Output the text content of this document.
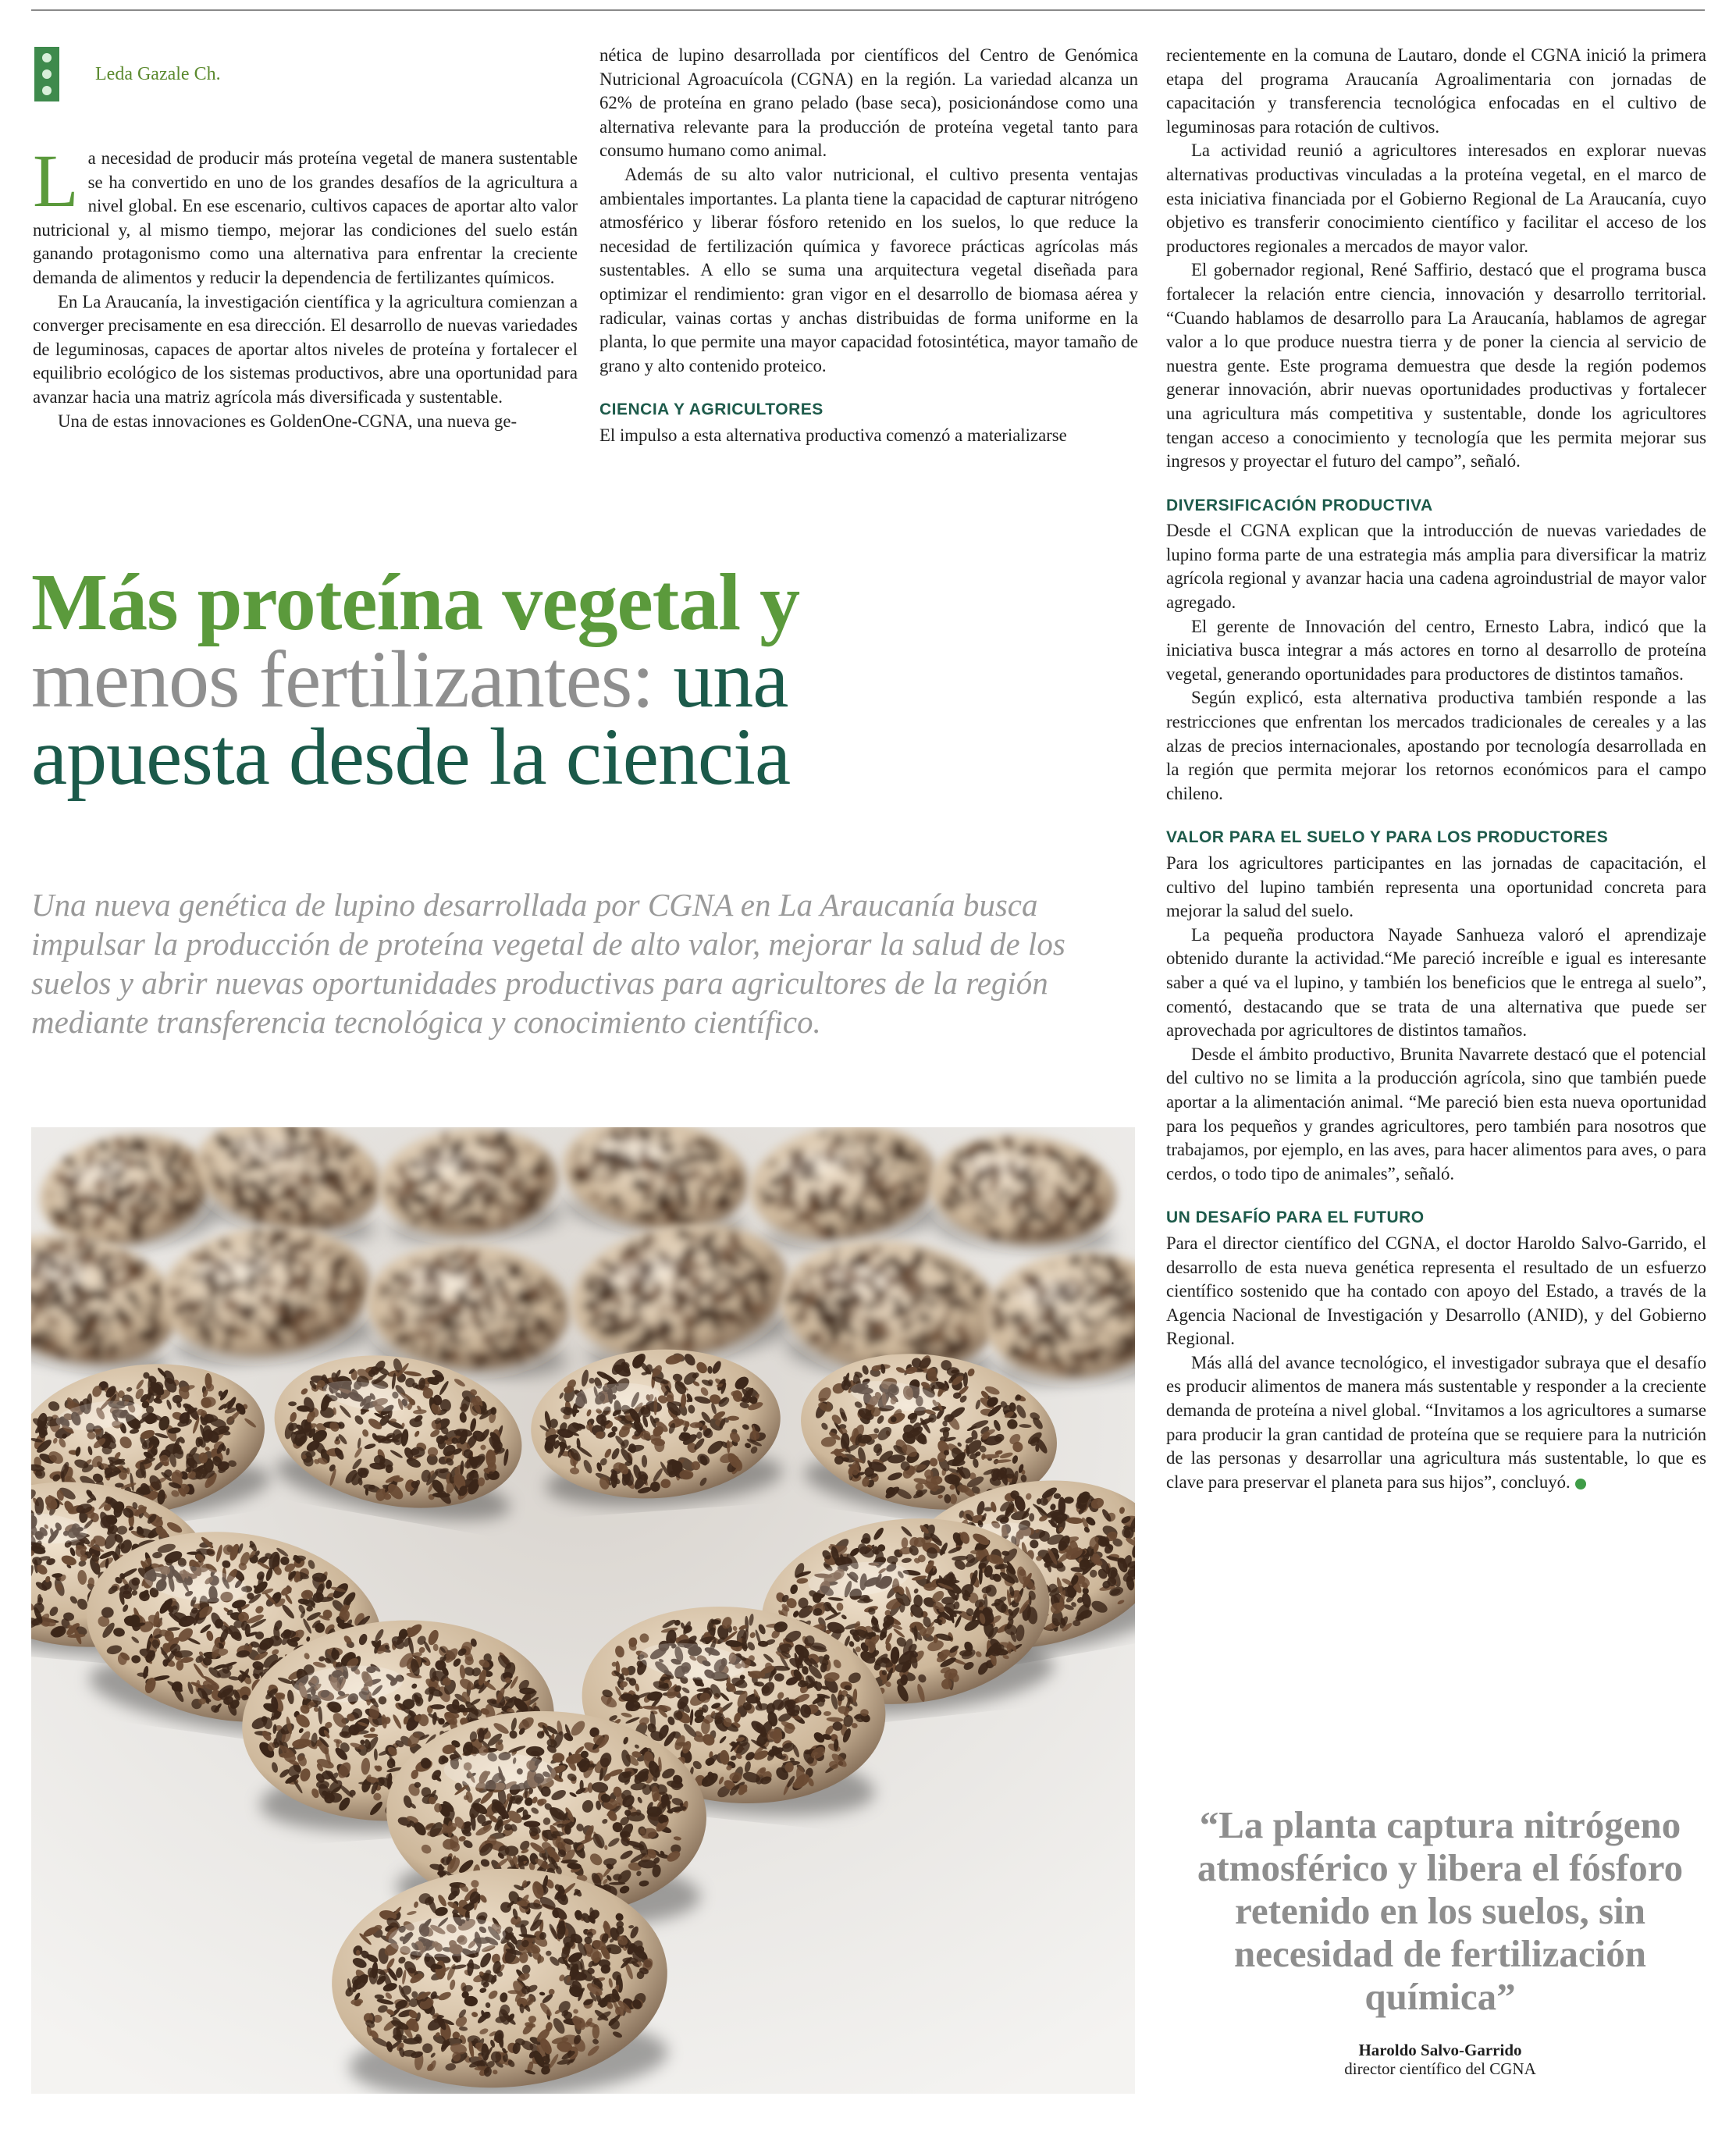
Leda Gazale Ch.

La necesidad de producir más proteína vegetal de manera sustentable se ha convertido en uno de los grandes desafíos de la agricultura a nivel global. En ese escenario, cultivos capaces de aportar alto valor nutricional y, al mismo tiempo, mejorar las condiciones del suelo están ganando protagonismo como una alternativa para enfrentar la creciente demanda de alimentos y reducir la dependencia de fertilizantes químicos.

En La Araucanía, la investigación científica y la agricultura comienzan a converger precisamente en esa dirección. El desarrollo de nuevas variedades de leguminosas, capaces de aportar altos niveles de proteína y fortalecer el equilibrio ecológico de los sistemas productivos, abre una oportunidad para avanzar hacia una matriz agrícola más diversificada y sustentable.

Una de estas innovaciones es GoldenOne-CGNA, una nueva ge-

nética de lupino desarrollada por científicos del Centro de Genómica Nutricional Agroacuícola (CGNA) en la región. La variedad alcanza un 62% de proteína en grano pelado (base seca), posicionándose como una alternativa relevante para la producción de proteína vegetal tanto para consumo humano como animal.

Además de su alto valor nutricional, el cultivo presenta ventajas ambientales importantes. La planta tiene la capacidad de capturar nitrógeno atmosférico y liberar fósforo retenido en los suelos, lo que reduce la necesidad de fertilización química y favorece prácticas agrícolas más sustentables. A ello se suma una arquitectura vegetal diseñada para optimizar el rendimiento: gran vigor en el desarrollo de biomasa aérea y radicular, vainas cortas y anchas distribuidas de forma uniforme en la planta, lo que permite una mayor capacidad fotosintética, mayor tamaño de grano y alto contenido proteico.

CIENCIA Y AGRICULTORES

El impulso a esta alternativa productiva comenzó a materializarse

recientemente en la comuna de Lautaro, donde el CGNA inició la primera etapa del programa Araucanía Agroalimentaria con jornadas de capacitación y transferencia tecnológica enfocadas en el cultivo de leguminosas para rotación de cultivos.

La actividad reunió a agricultores interesados en explorar nuevas alternativas productivas vinculadas a la proteína vegetal, en el marco de esta iniciativa financiada por el Gobierno Regional de La Araucanía, cuyo objetivo es transferir conocimiento científico y facilitar el acceso de los productores regionales a mercados de mayor valor.

El gobernador regional, René Saffirio, destacó que el programa busca fortalecer la relación entre ciencia, innovación y desarrollo territorial. “Cuando hablamos de desarrollo para La Araucanía, hablamos de agregar valor a lo que produce nuestra tierra y de poner la ciencia al servicio de nuestra gente. Este programa demuestra que desde la región podemos generar innovación, abrir nuevas oportunidades productivas y fortalecer una agricultura más competitiva y sustentable, donde los agricultores tengan acceso a conocimiento y tecnología que les permita mejorar sus ingresos y proyectar el futuro del campo”, señaló.

DIVERSIFICACIÓN PRODUCTIVA

Desde el CGNA explican que la introducción de nuevas variedades de lupino forma parte de una estrategia más amplia para diversificar la matriz agrícola regional y avanzar hacia una cadena agroindustrial de mayor valor agregado.

El gerente de Innovación del centro, Ernesto Labra, indicó que la iniciativa busca integrar a más actores en torno al desarrollo de proteína vegetal, generando oportunidades para productores de distintos tamaños.

Según explicó, esta alternativa productiva también responde a las restricciones que enfrentan los mercados tradicionales de cereales y a las alzas de precios internacionales, apostando por tecnología desarrollada en la región que permita mejorar los retornos económicos para el campo chileno.

VALOR PARA EL SUELO Y PARA LOS PRODUCTORES

Para los agricultores participantes en las jornadas de capacitación, el cultivo del lupino también representa una oportunidad concreta para mejorar la salud del suelo.

La pequeña productora Nayade Sanhueza valoró el aprendizaje obtenido durante la actividad.“Me pareció increíble e igual es interesante saber a qué va el lupino, y también los beneficios que le entrega al suelo”, comentó, destacando que se trata de una alternativa que puede ser aprovechada por agricultores de distintos tamaños.

Desde el ámbito productivo, Brunita Navarrete destacó que el potencial del cultivo no se limita a la producción agrícola, sino que también puede aportar a la alimentación animal. “Me pareció bien esta nueva oportunidad para los pequeños y grandes agricultores, pero también para nosotros que trabajamos, por ejemplo, en las aves, para hacer alimentos para aves, o para cerdos, o todo tipo de animales”, señaló.

UN DESAFÍO PARA EL FUTURO

Para el director científico del CGNA, el doctor Haroldo Salvo-Garrido, el desarrollo de esta nueva genética representa el resultado de un esfuerzo científico sostenido que ha contado con apoyo del Estado, a través de la Agencia Nacional de Investigación y Desarrollo (ANID), y del Gobierno Regional.

Más allá del avance tecnológico, el investigador subraya que el desafío es producir alimentos de manera más sustentable y responder a la creciente demanda de proteína a nivel global. “Invitamos a los agricultores a sumarse para producir la gran cantidad de proteína que se requiere para la nutrición de las personas y desarrollar una agricultura más sustentable, lo que es clave para preservar el planeta para sus hijos”, concluyó.

Más proteína vegetal y
menos fertilizantes: una
apuesta desde la ciencia
Una nueva genética de lupino desarrollada por CGNA en La Araucanía busca impulsar la producción de proteína vegetal de alto valor, mejorar la salud de los suelos y abrir nuevas oportunidades productivas para agricultores de la región mediante transferencia tecnológica y conocimiento científico.
“La planta captura nitrógeno atmosférico y libera el fósforo retenido en los suelos, sin necesidad de fertilización química”
Haroldo Salvo-Garrido
director científico del CGNA
